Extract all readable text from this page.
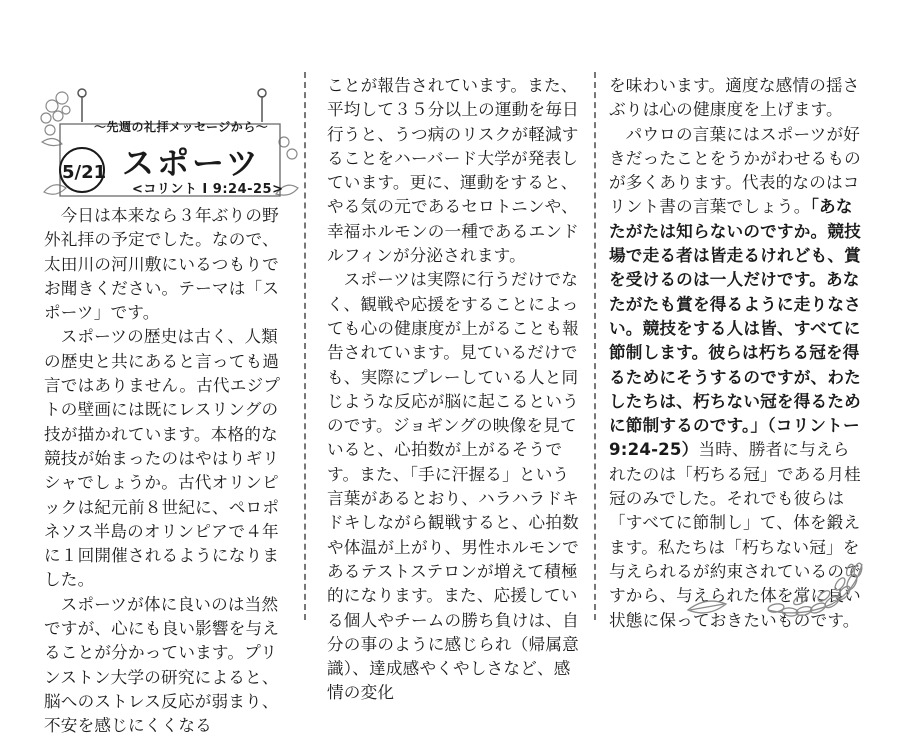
～先週の礼拝メッセージから～
5/21 スポーツ
<コリント I 9:24-25>

今日は本来なら３年ぶりの野外礼拝の予定でした。なので、太田川の河川敷にいるつもりでお聞きください。テーマは「スポーツ」です。

スポーツの歴史は古く、人類の歴史と共にあると言っても過言ではありません。古代エジプトの壁画には既にレスリングの技が描かれています。本格的な競技が始まったのはやはりギリシャでしょうか。古代オリンピックは紀元前８世紀に、ペロポネソス半島のオリンピアで４年に１回開催されるようになりました。

スポーツが体に良いのは当然ですが、心にも良い影響を与えることが分かっています。プリンストン大学の研究によると、脳へのストレス反応が弱まり、不安を感じにくくなる

ことが報告されています。また、平均して３５分以上の運動を毎日行うと、うつ病のリスクが軽減することをハーバード大学が発表しています。更に、運動をすると、やる気の元であるセロトニンや、幸福ホルモンの一種であるエンドルフィンが分泌されます。

スポーツは実際に行うだけでなく、観戦や応援をすることによっても心の健康度が上がることも報告されています。見ているだけでも、実際にプレーしている人と同じような反応が脳に起こるというのです。ジョギングの映像を見ていると、心拍数が上がるそうです。また、「手に汗握る」という言葉があるとおり、ハラハラドキドキしながら観戦すると、心拍数や体温が上がり、男性ホルモンであるテストステロンが増えて積極的になります。また、応援している個人やチームの勝ち負けは、自分の事のように感じられ（帰属意識）、達成感やくやしさなど、感情の変化

を味わいます。適度な感情の揺さぶりは心の健康度を上げます。

パウロの言葉にはスポーツが好きだったことをうかがわせるものが多くあります。代表的なのはコリント書の言葉でしょう。「あなたがたは知らないのですか。競技場で走る者は皆走るけれども、賞を受けるのは一人だけです。あなたがたも賞を得るように走りなさい。競技をする人は皆、すべてに節制します。彼らは朽ちる冠を得るためにそうするのですが、わたしたちは、朽ちない冠を得るために節制するのです。」（コリントー 9:24-25）当時、勝者に与えられたのは「朽ちる冠」である月桂冠のみでした。それでも彼らは「すべてに節制し」て、体を鍛えます。私たちは「朽ちない冠」を与えられるが約束されているのですから、与えられた体を常に良い状態に保っておきたいものです。
